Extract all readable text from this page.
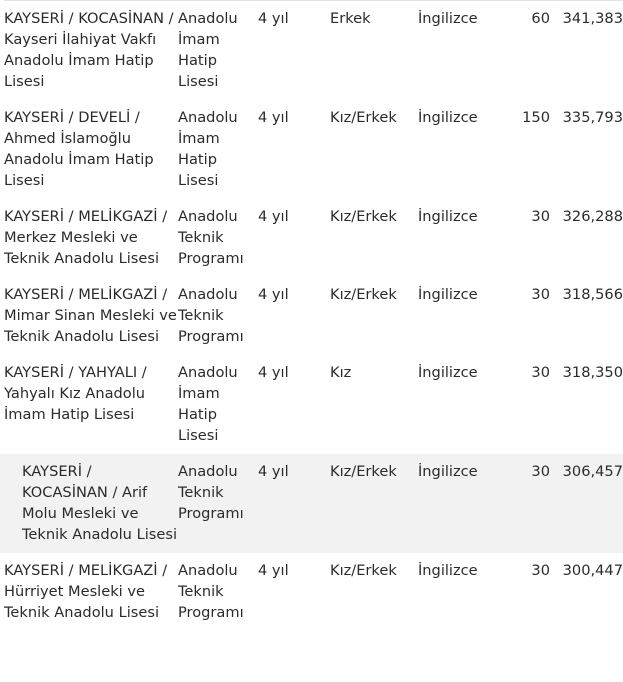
KAYSERİ / KOCASİNAN / Kayseri İlahiyat Vakfı Anadolu İmam Hatip Lisesi	Anadolu İmam Hatip Lisesi	4 yıl	Erkek	İngilizce	60	341,383
KAYSERİ / DEVELİ / Ahmed İslamoğlu Anadolu İmam Hatip Lisesi	Anadolu İmam Hatip Lisesi	4 yıl	Kız/Erkek	İngilizce	150	335,793
KAYSERİ / MELİKGAZİ / Merkez Mesleki ve Teknik Anadolu Lisesi	Anadolu Teknik Programı	4 yıl	Kız/Erkek	İngilizce	30	326,288
KAYSERİ / MELİKGAZİ / Mimar Sinan Mesleki ve Teknik Anadolu Lisesi	Anadolu Teknik Programı	4 yıl	Kız/Erkek	İngilizce	30	318,566
KAYSERİ / YAHYALI / Yahyalı Kız Anadolu İmam Hatip Lisesi	Anadolu İmam Hatip Lisesi	4 yıl	Kız	İngilizce	30	318,350
KAYSERİ / KOCASİNAN / Arif Molu Mesleki ve Teknik Anadolu Lisesi	Anadolu Teknik Programı	4 yıl	Kız/Erkek	İngilizce	30	306,457
KAYSERİ / MELİKGAZİ / Hürriyet Mesleki ve Teknik Anadolu Lisesi	Anadolu Teknik Programı	4 yıl	Kız/Erkek	İngilizce	30	300,447
